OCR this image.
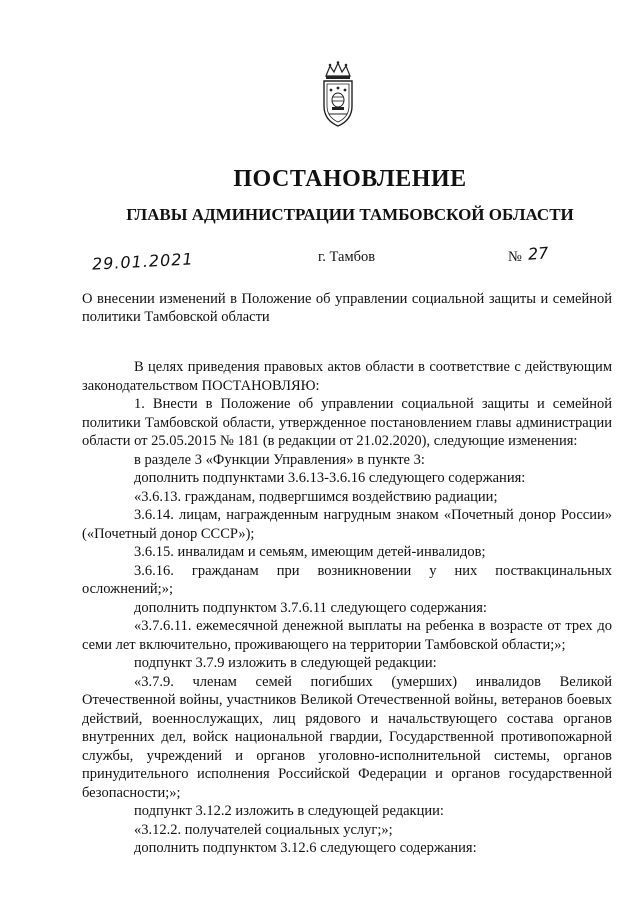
ПОСТАНОВЛЕНИЕ
ГЛАВЫ АДМИНИСТРАЦИИ ТАМБОВСКОЙ ОБЛАСТИ
29.01.2021	г. Тамбов	№ 27
О внесении изменений в Положение об управлении социальной защиты и семейной политики Тамбовской области

В целях приведения правовых актов области в соответствие с действующим законодательством ПОСТАНОВЛЯЮ:

1. Внести в Положение об управлении социальной защиты и семейной политики Тамбовской области, утвержденное постановлением главы администрации области от 25.05.2015 № 181 (в редакции от 21.02.2020), следующие изменения:

в разделе 3 «Функции Управления» в пункте 3:

дополнить подпунктами 3.6.13-3.6.16 следующего содержания:

«3.6.13. гражданам, подвергшимся воздействию радиации;

3.6.14. лицам, награжденным нагрудным знаком «Почетный донор России» («Почетный донор СССР»);

3.6.15. инвалидам и семьям, имеющим детей-инвалидов;

3.6.16. гражданам при возникновении у них поствакцинальных осложнений;»;

дополнить подпунктом 3.7.6.11 следующего содержания:

«3.7.6.11. ежемесячной денежной выплаты на ребенка в возрасте от трех до семи лет включительно, проживающего на территории Тамбовской области;»;

подпункт 3.7.9 изложить в следующей редакции:

«3.7.9. членам семей погибших (умерших) инвалидов Великой Отечественной войны, участников Великой Отечественной войны, ветеранов боевых действий, военнослужащих, лиц рядового и начальствующего состава органов внутренних дел, войск национальной гвардии, Государственной противопожарной службы, учреждений и органов уголовно-исполнительной системы, органов принудительного исполнения Российской Федерации и органов государственной безопасности;»;

подпункт 3.12.2 изложить в следующей редакции:

«3.12.2. получателей социальных услуг;»;

дополнить подпунктом 3.12.6 следующего содержания:
